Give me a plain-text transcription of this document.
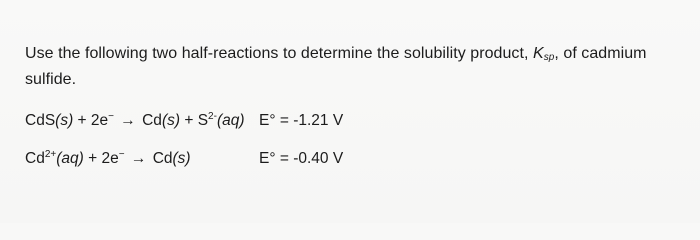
Use the following two half-reactions to determine the solubility product, $K_{sp}$, of cadmium sulfide.
$CdS(s) + 2e^- \to Cd(s) + S^{2-}(aq) E^\circ = -1.21$ V
$Cd^{2+}(aq) + 2e^- \to Cd(s)$	E° = -0.40 V
